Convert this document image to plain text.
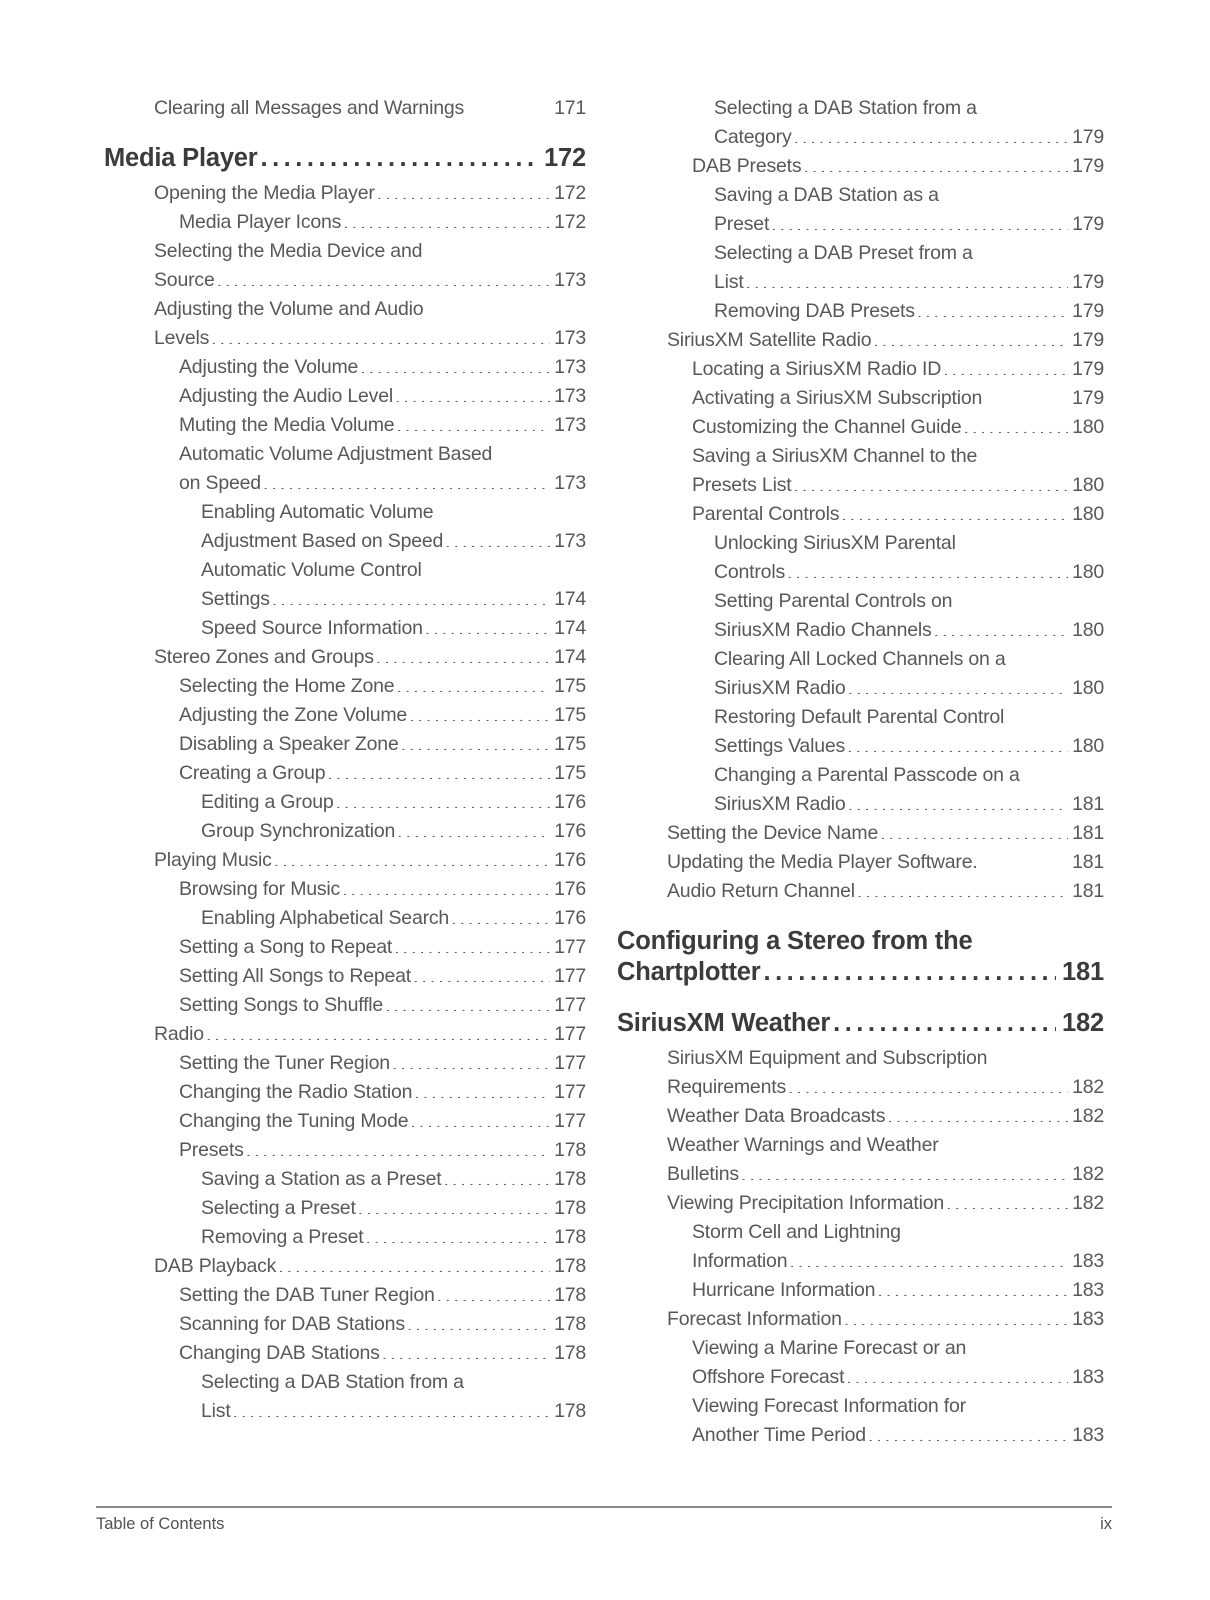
Clearing all Messages and Warnings	171
Media Player .....	172
Opening the Media Player .....	172
Media Player Icons .....	172
Selecting the Media Device and
Source .....	173
Adjusting the Volume and Audio
Levels .....	173
Adjusting the Volume .....	173
Adjusting the Audio Level .....	173
Muting the Media Volume .....	173
Automatic Volume Adjustment Based
on Speed .....	173
Enabling Automatic Volume
Adjustment Based on Speed .....	173
Automatic Volume Control
Settings .....	174
Speed Source Information .....	174
Stereo Zones and Groups .....	174
Selecting the Home Zone .....	175
Adjusting the Zone Volume .....	175
Disabling a Speaker Zone .....	175
Creating a Group .....	175
Editing a Group .....	176
Group Synchronization .....	176
Playing Music .....	176
Browsing for Music .....	176
Enabling Alphabetical Search .....	176
Setting a Song to Repeat .....	177
Setting All Songs to Repeat .....	177
Setting Songs to Shuffle .....	177
Radio .....	177
Setting the Tuner Region .....	177
Changing the Radio Station .....	177
Changing the Tuning Mode .....	177
Presets .....	178
Saving a Station as a Preset .....	178
Selecting a Preset .....	178
Removing a Preset .....	178
DAB Playback .....	178
Setting the DAB Tuner Region .....	178
Scanning for DAB Stations .....	178
Changing DAB Stations .....	178
Selecting a DAB Station from a
List .....	178
Selecting a DAB Station from a
Category .....	179
DAB Presets .....	179
Saving a DAB Station as a
Preset .....	179
Selecting a DAB Preset from a
List .....	179
Removing DAB Presets .....	179
SiriusXM Satellite Radio .....	179
Locating a SiriusXM Radio ID .....	179
Activating a SiriusXM Subscription	179
Customizing the Channel Guide .....	180
Saving a SiriusXM Channel to the
Presets List .....	180
Parental Controls .....	180
Unlocking SiriusXM Parental
Controls .....	180
Setting Parental Controls on
SiriusXM Radio Channels .....	180
Clearing All Locked Channels on a
SiriusXM Radio .....	180
Restoring Default Parental Control
Settings Values .....	180
Changing a Parental Passcode on a
SiriusXM Radio .....	181
Setting the Device Name .....	181
Updating the Media Player Software.	181
Audio Return Channel .....	181
Configuring a Stereo from the
Chartplotter .....	181
SiriusXM Weather .....	182
SiriusXM Equipment and Subscription
Requirements .....	182
Weather Data Broadcasts .....	182
Weather Warnings and Weather
Bulletins .....	182
Viewing Precipitation Information .....	182
Storm Cell and Lightning
Information .....	183
Hurricane Information .....	183
Forecast Information .....	183
Viewing a Marine Forecast or an
Offshore Forecast .....	183
Viewing Forecast Information for
Another Time Period .....	183
Table of Contents	ix
